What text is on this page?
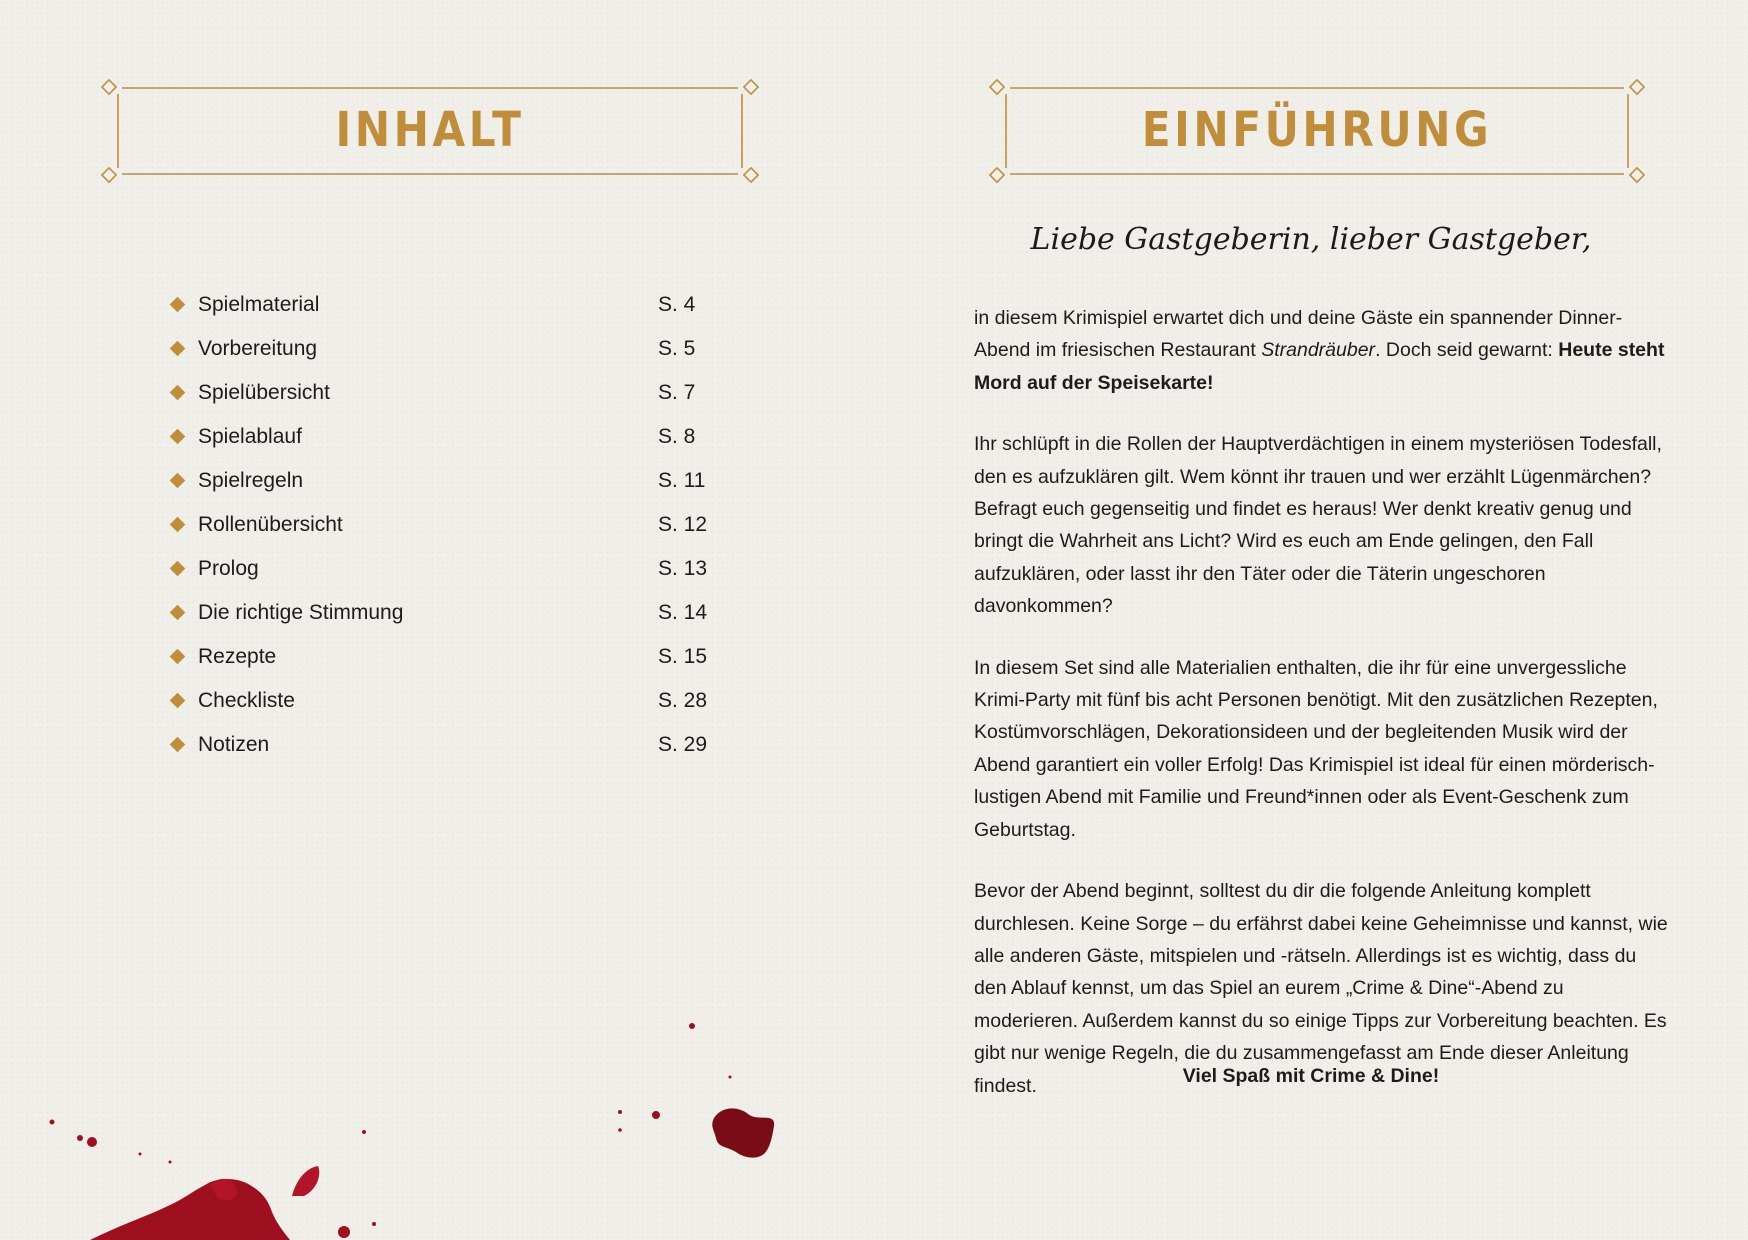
INHALT
Spielmaterial	S. 4
Vorbereitung	S. 5
Spielübersicht	S. 7
Spielablauf	S. 8
Spielregeln	S. 11
Rollenübersicht	S. 12
Prolog	S. 13
Die richtige Stimmung	S. 14
Rezepte	S. 15
Checkliste	S. 28
Notizen	S. 29
EINFÜHRUNG
Liebe Gastgeberin, lieber Gastgeber,

in diesem Krimispiel erwartet dich und deine Gäste ein spannender Dinner-Abend im friesischen Restaurant Strandräuber. Doch seid gewarnt: Heute steht Mord auf der Speisekarte!

Ihr schlüpft in die Rollen der Hauptverdächtigen in einem mysteriösen Todesfall, den es aufzuklären gilt. Wem könnt ihr trauen und wer erzählt Lügenmärchen? Befragt euch gegenseitig und findet es heraus! Wer denkt kreativ genug und bringt die Wahrheit ans Licht? Wird es euch am Ende gelingen, den Fall aufzuklären, oder lasst ihr den Täter oder die Täterin ungeschoren davonkommen?

In diesem Set sind alle Materialien enthalten, die ihr für eine unvergessliche Krimi-Party mit fünf bis acht Personen benötigt. Mit den zusätzlichen Rezepten, Kostümvorschlägen, Dekorationsideen und der begleitenden Musik wird der Abend garantiert ein voller Erfolg! Das Krimispiel ist ideal für einen mörderisch-lustigen Abend mit Familie und Freund*innen oder als Event-Geschenk zum Geburtstag.

Bevor der Abend beginnt, solltest du dir die folgende Anleitung komplett durchlesen. Keine Sorge – du erfährst dabei keine Geheimnisse und kannst, wie alle anderen Gäste, mitspielen und -rätseln. Allerdings ist es wichtig, dass du den Ablauf kennst, um das Spiel an eurem „Crime & Dine“-Abend zu moderieren. Außerdem kannst du so einige Tipps zur Vorbereitung beachten. Es gibt nur wenige Regeln, die du zusammengefasst am Ende dieser Anleitung findest.	Viel Spaß mit Crime & Dine!
